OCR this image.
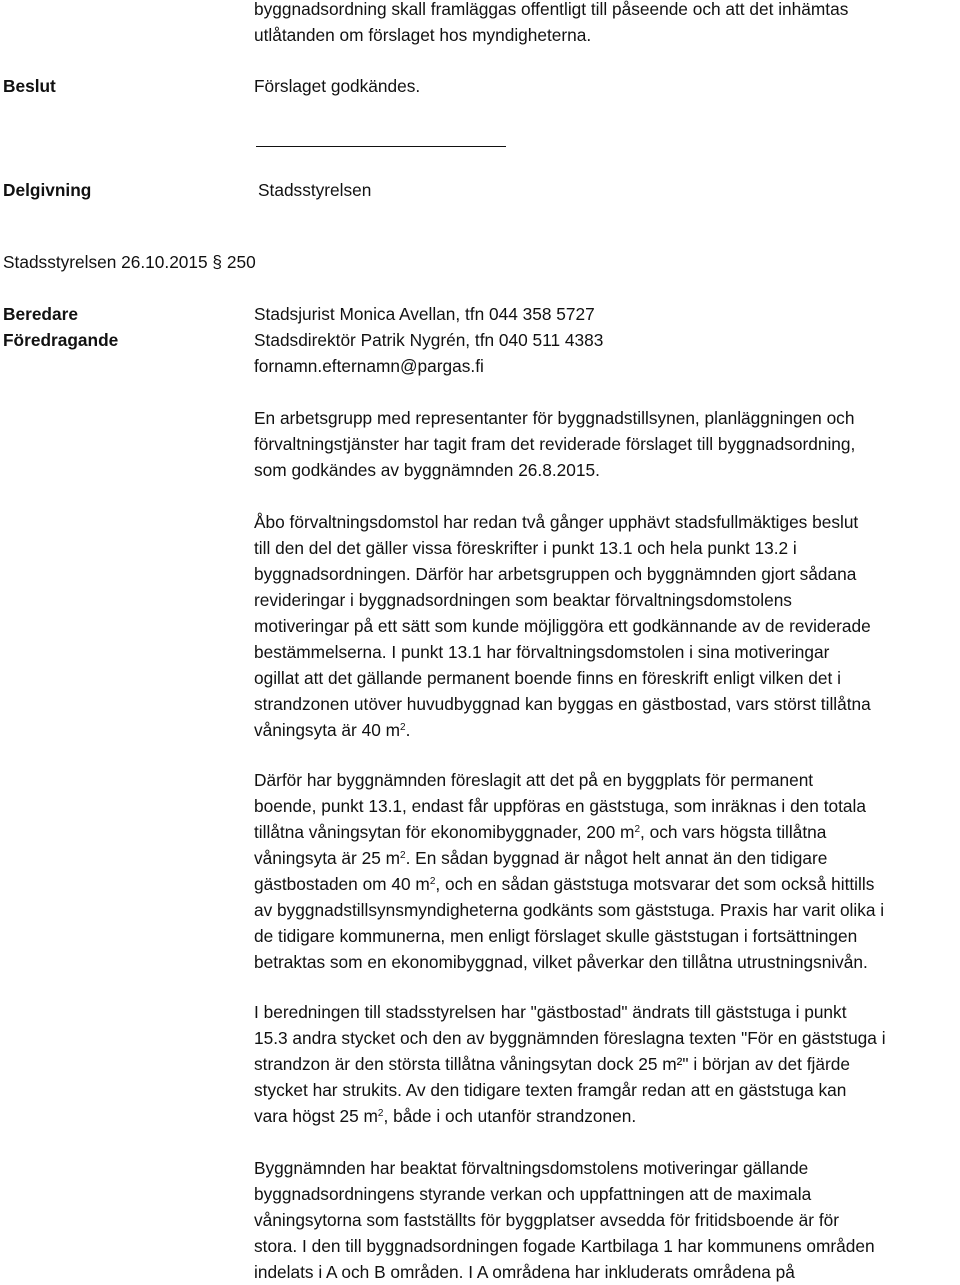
byggnadsordning skall framläggas offentligt till påseende och att det inhämtas
utlåtanden om förslaget hos myndigheterna.
Beslut	Förslaget godkändes.
Delgivning	Stadsstyrelsen
Stadsstyrelsen 26.10.2015 § 250
Beredare	Stadsjurist Monica Avellan, tfn 044 358 5727
Föredragande	Stadsdirektör Patrik Nygrén, tfn 040 511 4383
fornamn.efternamn@pargas.fi
En arbetsgrupp med representanter för byggnadstillsynen, planläggningen och
förvaltningstjänster har tagit fram det reviderade förslaget till byggnadsordning,
som godkändes av byggnämnden 26.8.2015.
Åbo förvaltningsdomstol har redan två gånger upphävt stadsfullmäktiges beslut
till den del det gäller vissa föreskrifter i punkt 13.1 och hela punkt 13.2 i
byggnadsordningen. Därför har arbetsgruppen och byggnämnden gjort sådana
revideringar i byggnadsordningen som beaktar förvaltningsdomstolens
motiveringar på ett sätt som kunde möjliggöra ett godkännande av de reviderade
bestämmelserna. I punkt 13.1 har förvaltningsdomstolen i sina motiveringar
ogillat att det gällande permanent boende finns en föreskrift enligt vilken det i
strandzonen utöver huvudbyggnad kan byggas en gästbostad, vars störst tillåtna
våningsyta är 40 $m^2$.
Därför har byggnämnden föreslagit att det på en byggplats för permanent
boende, punkt 13.1, endast får uppföras en gäststuga, som inräknas i den totala
tillåtna våningsytan för ekonomibyggnader, 200 $m^2$, och vars högsta tillåtna
våningsyta är 25 $m^2$. En sådan byggnad är något helt annat än den tidigare
gästbostaden om 40 $m^2$, och en sådan gäststuga motsvarar det som också hittills
av byggnadstillsynsmyndigheterna godkänts som gäststuga. Praxis har varit olika i
de tidigare kommunerna, men enligt förslaget skulle gäststugan i fortsättningen
betraktas som en ekonomibyggnad, vilket påverkar den tillåtna utrustningsnivån.
I beredningen till stadsstyrelsen har "gästbostad" ändrats till gäststuga i punkt
15.3 andra stycket och den av byggnämnden föreslagna texten "För en gäststuga i
strandzon är den största tillåtna våningsytan dock 25 m²" i början av det fjärde
stycket har strukits. Av den tidigare texten framgår redan att en gäststuga kan
vara högst 25 $m^2$, både i och utanför strandzonen.
Byggnämnden har beaktat förvaltningsdomstolens motiveringar gällande
byggnadsordningens styrande verkan och uppfattningen att de maximala
våningsytorna som fastställts för byggplatser avsedda för fritidsboende är för
stora. I den till byggnadsordningen fogade Kartbilaga 1 har kommunens områden
indelats i A och B områden. I A områdena har inkluderats områdena på
